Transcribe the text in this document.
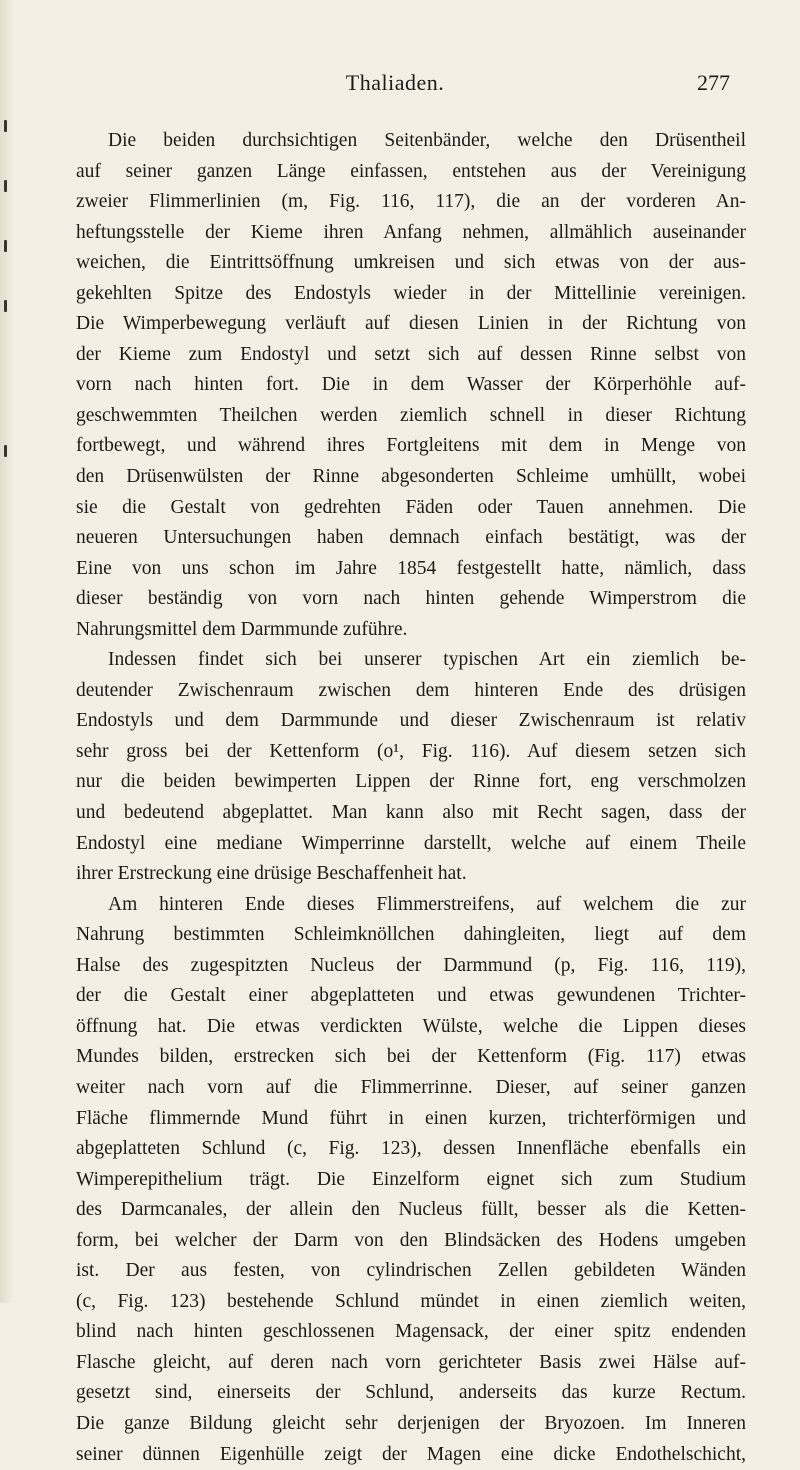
Thaliaden.	277
Die beiden durchsichtigen Seitenbänder, welche den Drüsentheil
auf seiner ganzen Länge einfassen, entstehen aus der Vereinigung
zweier Flimmerlinien (m, Fig. 116, 117), die an der vorderen An-
heftungsstelle der Kieme ihren Anfang nehmen, allmählich auseinander
weichen, die Eintrittsöffnung umkreisen und sich etwas von der aus-
gekehlten Spitze des Endostyls wieder in der Mittellinie vereinigen.
Die Wimperbewegung verläuft auf diesen Linien in der Richtung von
der Kieme zum Endostyl und setzt sich auf dessen Rinne selbst von
vorn nach hinten fort. Die in dem Wasser der Körperhöhle auf-
geschwemmten Theilchen werden ziemlich schnell in dieser Richtung
fortbewegt, und während ihres Fortgleitens mit dem in Menge von
den Drüsenwülsten der Rinne abgesonderten Schleime umhüllt, wobei
sie die Gestalt von gedrehten Fäden oder Tauen annehmen. Die
neueren Untersuchungen haben demnach einfach bestätigt, was der
Eine von uns schon im Jahre 1854 festgestellt hatte, nämlich, dass
dieser beständig von vorn nach hinten gehende Wimperstrom die
Nahrungsmittel dem Darmmunde zuführe.
Indessen findet sich bei unserer typischen Art ein ziemlich be-
deutender Zwischenraum zwischen dem hinteren Ende des drüsigen
Endostyls und dem Darmmunde und dieser Zwischenraum ist relativ
sehr gross bei der Kettenform (o¹, Fig. 116). Auf diesem setzen sich
nur die beiden bewimperten Lippen der Rinne fort, eng verschmolzen
und bedeutend abgeplattet. Man kann also mit Recht sagen, dass der
Endostyl eine mediane Wimperrinne darstellt, welche auf einem Theile
ihrer Erstreckung eine drüsige Beschaffenheit hat.
Am hinteren Ende dieses Flimmerstreifens, auf welchem die zur
Nahrung bestimmten Schleimknöllchen dahingleiten, liegt auf dem
Halse des zugespitzten Nucleus der Darmmund (p, Fig. 116, 119),
der die Gestalt einer abgeplatteten und etwas gewundenen Trichter-
öffnung hat. Die etwas verdickten Wülste, welche die Lippen dieses
Mundes bilden, erstrecken sich bei der Kettenform (Fig. 117) etwas
weiter nach vorn auf die Flimmerrinne. Dieser, auf seiner ganzen
Fläche flimmernde Mund führt in einen kurzen, trichterförmigen und
abgeplatteten Schlund (c, Fig. 123), dessen Innenfläche ebenfalls ein
Wimperepithelium trägt. Die Einzelform eignet sich zum Studium
des Darmcanales, der allein den Nucleus füllt, besser als die Ketten-
form, bei welcher der Darm von den Blindsäcken des Hodens umgeben
ist. Der aus festen, von cylindrischen Zellen gebildeten Wänden
(c, Fig. 123) bestehende Schlund mündet in einen ziemlich weiten,
blind nach hinten geschlossenen Magensack, der einer spitz endenden
Flasche gleicht, auf deren nach vorn gerichteter Basis zwei Hälse auf-
gesetzt sind, einerseits der Schlund, anderseits das kurze Rectum.
Die ganze Bildung gleicht sehr derjenigen der Bryozoen. Im Inneren
seiner dünnen Eigenhülle zeigt der Magen eine dicke Endothelschicht,
